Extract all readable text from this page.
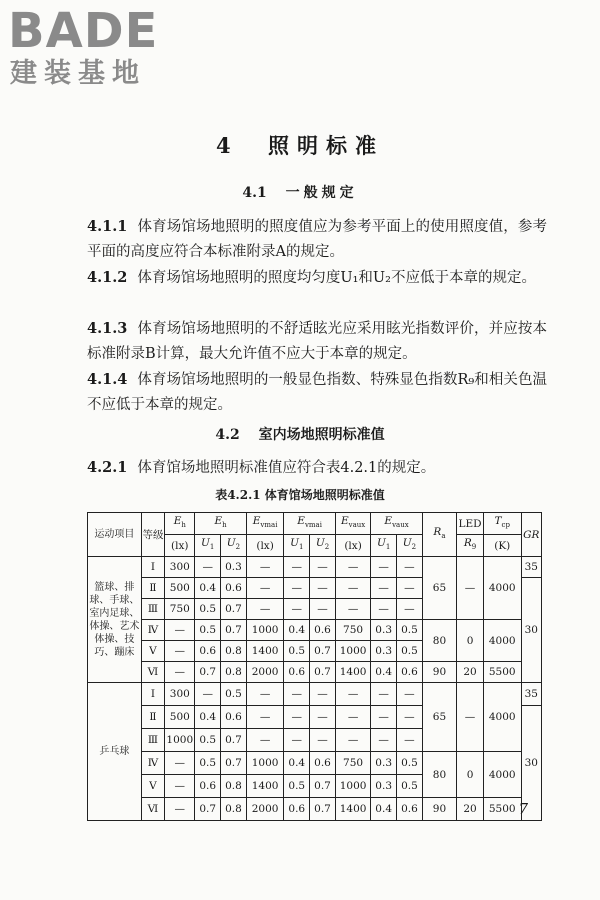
BADE
建装基地
4 照明标准
4.1 一般规定
4.1.1 体育场馆场地照明的照度值应为参考平面上的使用照度值，参考平面的高度应符合本标准附录A的规定。
4.1.2 体育场馆场地照明的照度均匀度U₁和U₂不应低于本章的规定。
4.1.3 体育场馆场地照明的不舒适眩光应采用眩光指数评价，并应按本标准附录B计算，最大允许值不应大于本章的规定。
4.1.4 体育场馆场地照明的一般显色指数、特殊显色指数R₉和相关色温不应低于本章的规定。
4.2 室内场地照明标准值
4.2.1 体育馆场地照明标准值应符合表4.2.1的规定。
表4.2.1 体育馆场地照明标准值
运动项目	等级	$E_h$	$E_h$		$E_{vmai}$	$E_{vmai}$		$E_{vaux}$	$E_{vaux}$		$R_a$	LED	$T_{cp}$	GR
		(lx)	$U_1$	$U_2$	(lx)	$U_1$	$U_2$	(lx)	$U_1$	$U_2$		$R_9$	(K)	
篮球、排球、手球、室内足球、体操、艺术体操、技巧、蹦床	Ⅰ	300	—	0.3	—	—	—	—	—	—	65	—	4000	35
	Ⅱ	500	0.4	0.6	—	—	—	—	—	—				30
	Ⅲ	750	0.5	0.7	—	—	—	—	—	—				
	Ⅳ	—	0.5	0.7	1000	0.4	0.6	750	0.3	0.5	80	0	4000	
	Ⅴ	—	0.6	0.8	1400	0.5	0.7	1000	0.3	0.5				
	Ⅵ	—	0.7	0.8	2000	0.6	0.7	1400	0.4	0.6	90	20	5500	
乒乓球	Ⅰ	300	—	0.5	—	—	—	—	—	—	65	—	4000	35
	Ⅱ	500	0.4	0.6	—	—	—	—	—	—				30
	Ⅲ	1000	0.5	0.7	—	—	—	—	—	—				
	Ⅳ	—	0.5	0.7	1000	0.4	0.6	750	0.3	0.5	80	0	4000	
	Ⅴ	—	0.6	0.8	1400	0.5	0.7	1000	0.3	0.5				
	Ⅵ	—	0.7	0.8	2000	0.6	0.7	1400	0.4	0.6	90	20	5500	7
